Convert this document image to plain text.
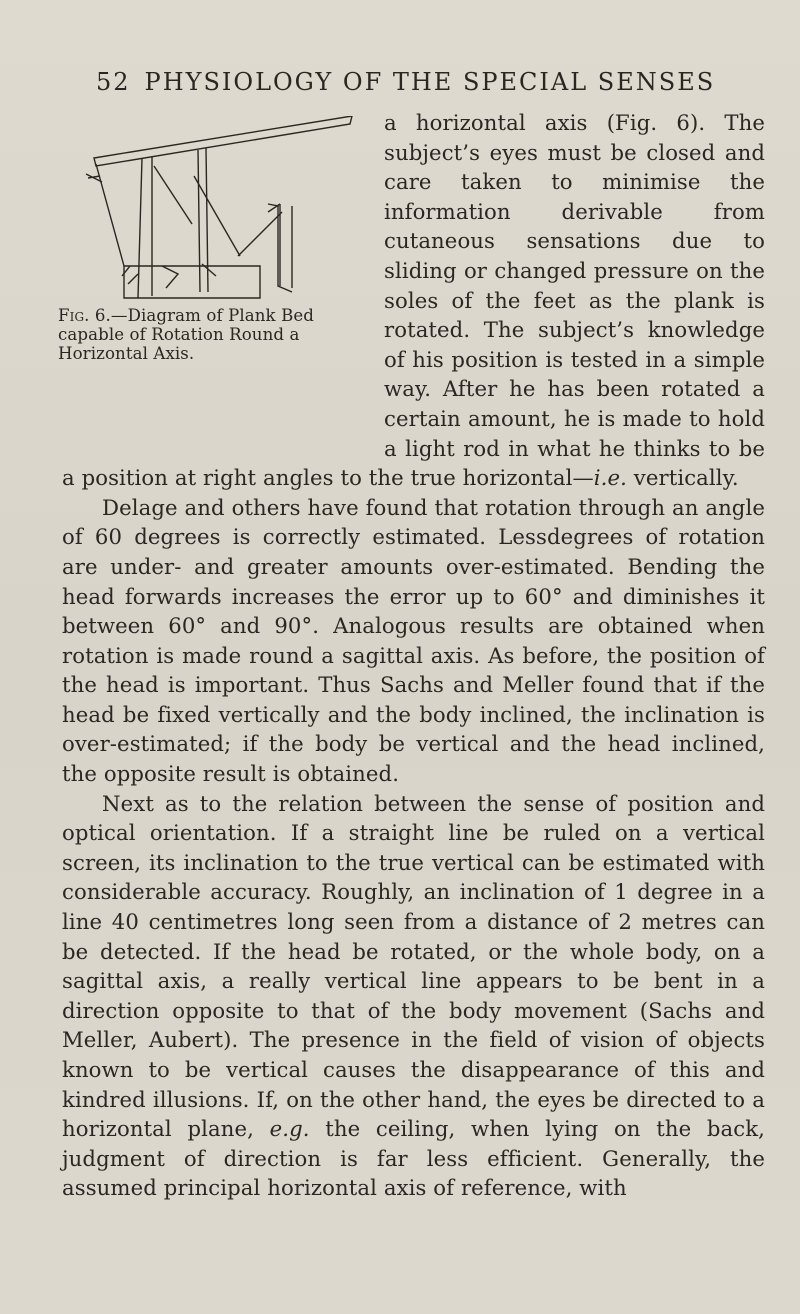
52 PHYSIOLOGY OF THE SPECIAL SENSES

Fig. 6.—Diagram of Plank Bed capable of Rotation Round a Horizontal Axis.
a horizontal axis (Fig. 6). The subject’s eyes must be closed and care taken to minimise the information derivable from cutaneous sensations due to sliding or changed pressure on the soles of the feet as the plank is rotated. The subject’s knowledge of his position is tested in a simple way. After he has been rotated a certain amount, he is made to hold a light rod in what he thinks to be a position at right angles to the true horizontal—i.e. vertically.

Delage and others have found that rotation through an angle of 60 degrees is correctly estimated. Lessdegrees of rotation are under- and greater amounts over-estimated. Bending the head forwards increases the error up to 60° and diminishes it between 60° and 90°. Analogous results are obtained when rotation is made round a sagittal axis. As before, the position of the head is important. Thus Sachs and Meller found that if the head be fixed vertically and the body inclined, the inclination is over-estimated; if the body be vertical and the head inclined, the opposite result is obtained.

Next as to the relation between the sense of position and optical orientation. If a straight line be ruled on a vertical screen, its inclination to the true vertical can be estimated with considerable accuracy. Roughly, an inclination of 1 degree in a line 40 centimetres long seen from a distance of 2 metres can be detected. If the head be rotated, or the whole body, on a sagittal axis, a really vertical line appears to be bent in a direction opposite to that of the body movement (Sachs and Meller, Aubert). The presence in the field of vision of objects known to be vertical causes the disappearance of this and kindred illusions. If, on the other hand, the eyes be directed to a horizontal plane, e.g. the ceiling, when lying on the back, judgment of direction is far less efficient. Generally, the assumed principal horizontal axis of reference, with
